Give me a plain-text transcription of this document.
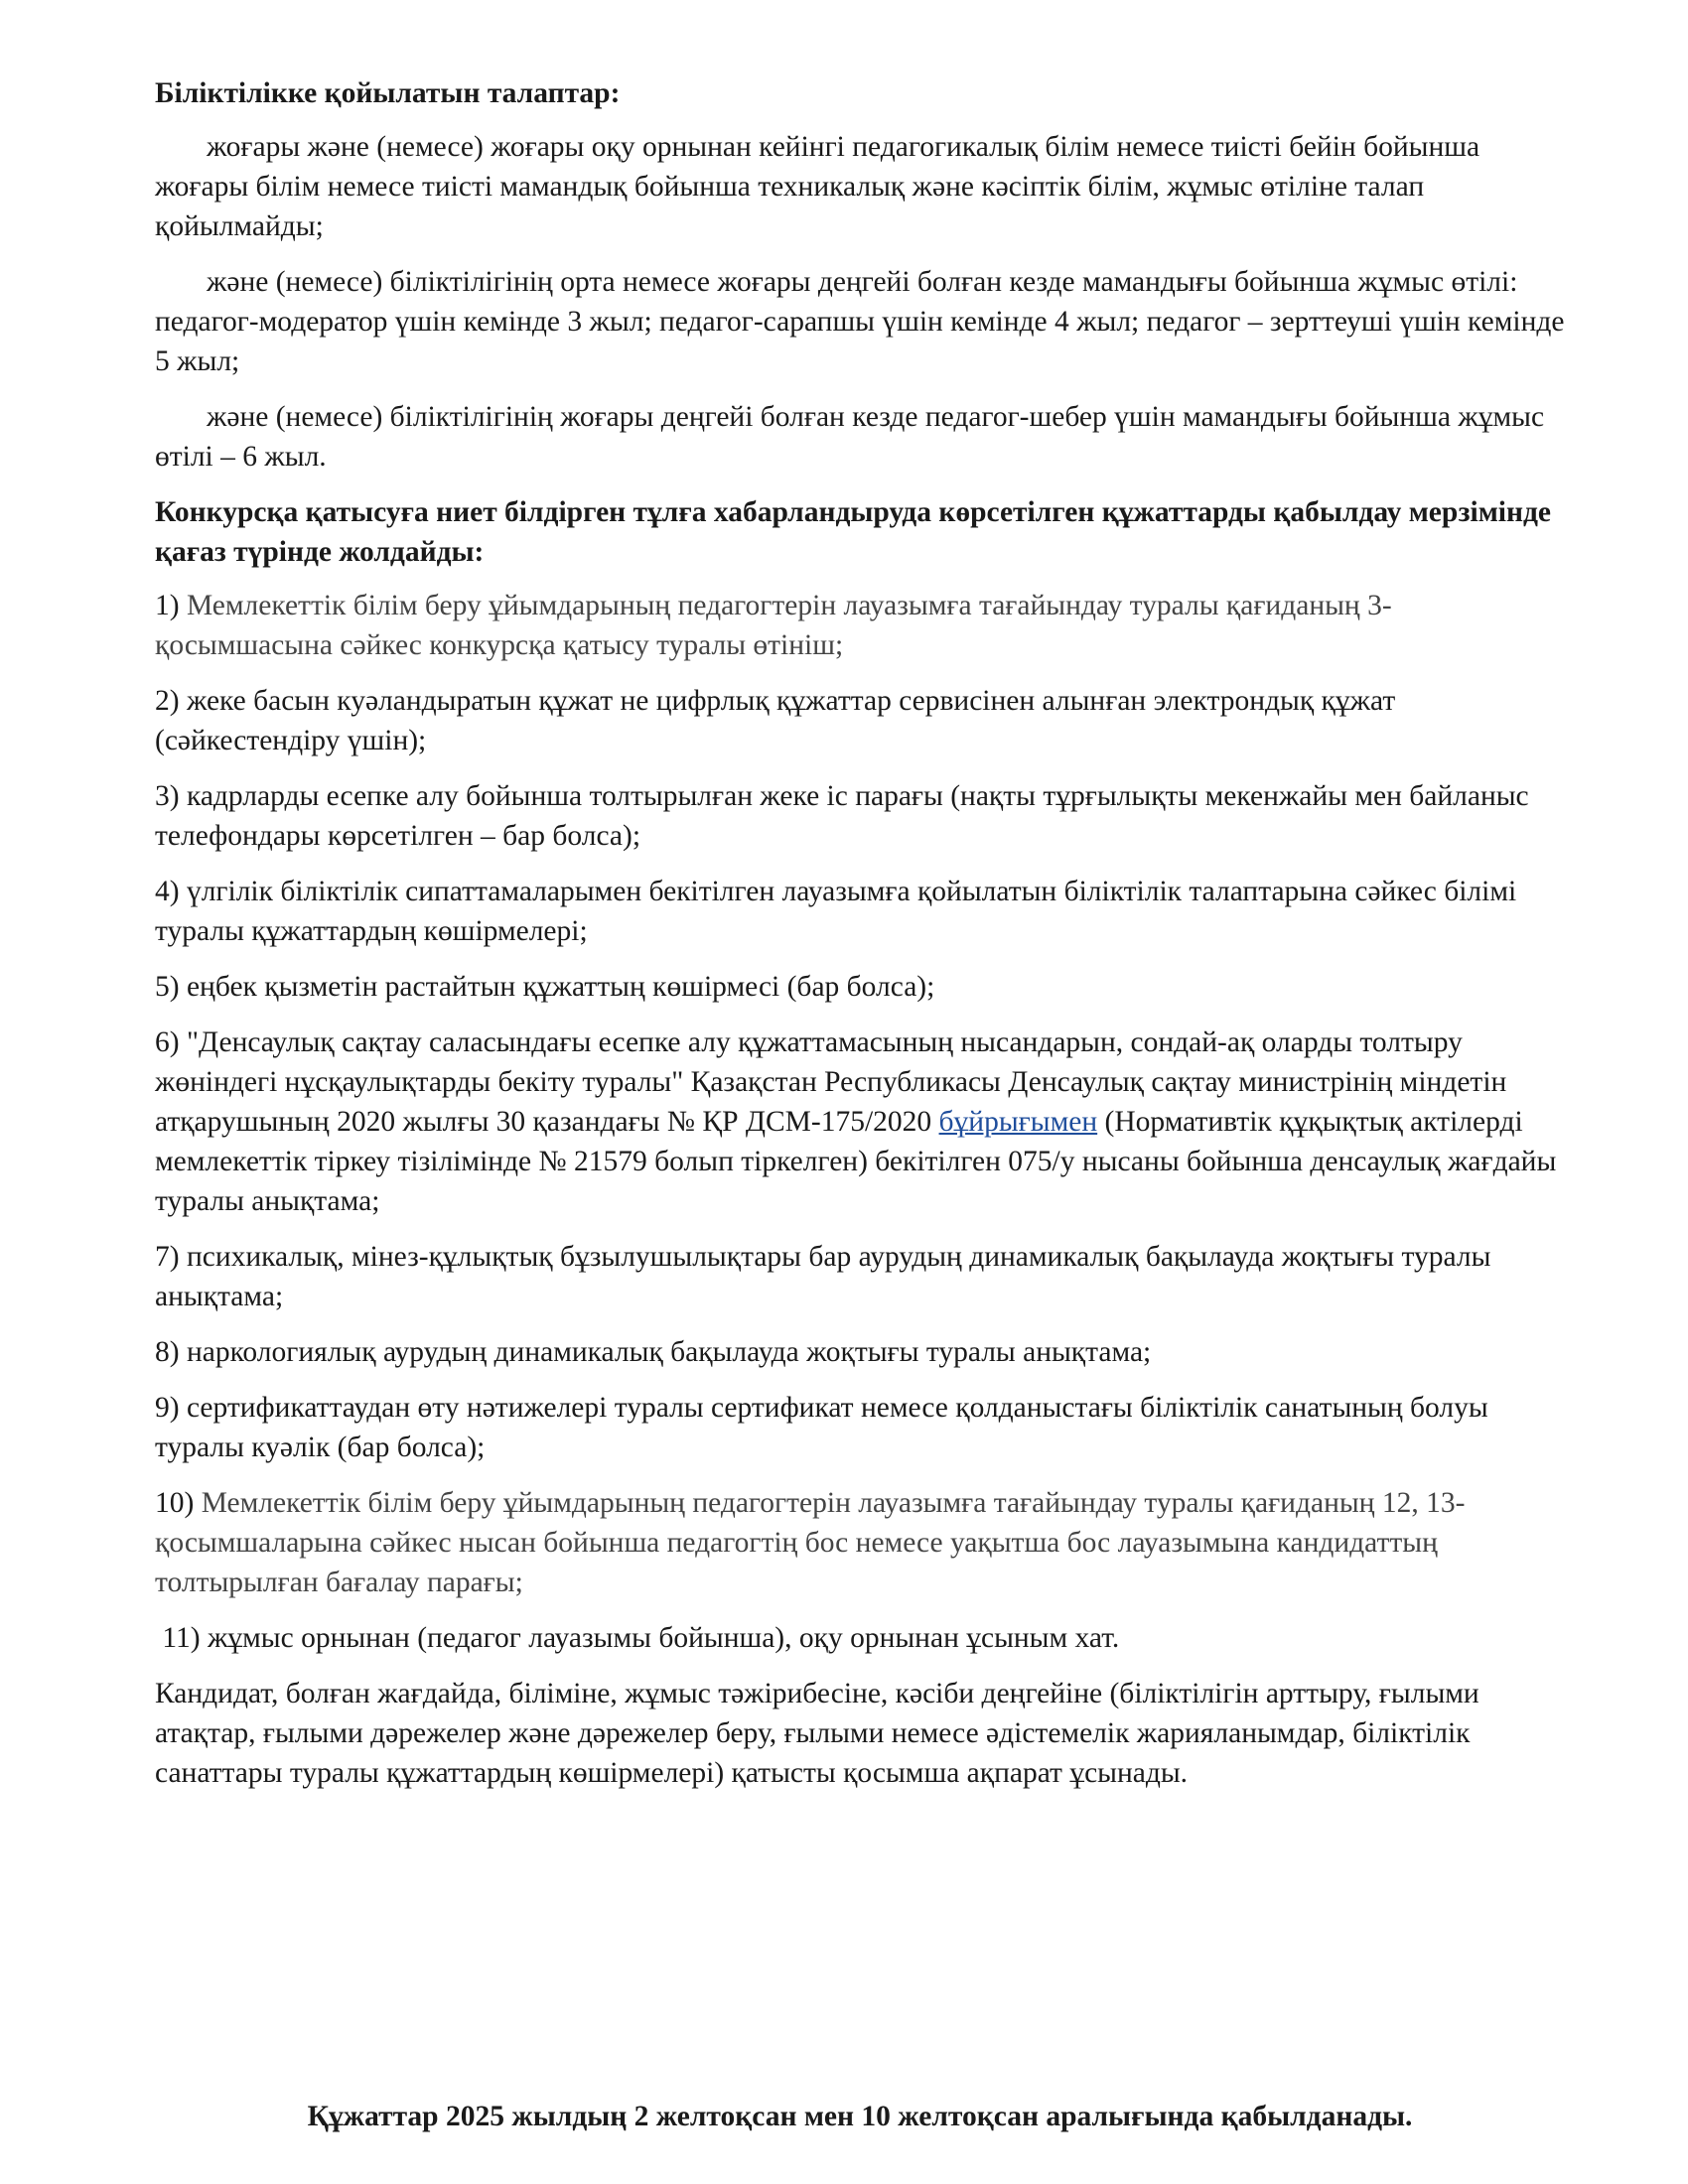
Біліктілікке қойылатын талаптар:

жоғары және (немесе) жоғары оқу орнынан кейінгі педагогикалық білім немесе тиісті бейін бойынша жоғары білім немесе тиісті мамандық бойынша техникалық және кәсіптік білім, жұмыс өтіліне талап қойылмайды;

және (немесе) біліктілігінің орта немесе жоғары деңгейі болған кезде мамандығы бойынша жұмыс өтілі: педагог-модератор үшін кемінде 3 жыл; педагог-сарапшы үшін кемінде 4 жыл; педагог – зерттеуші үшін кемінде 5 жыл;

және (немесе) біліктілігінің жоғары деңгейі болған кезде педагог-шебер үшін мамандығы бойынша жұмыс өтілі – 6 жыл.

Конкурсқа қатысуға ниет білдірген тұлға хабарландыруда көрсетілген құжаттарды қабылдау мерзімінде қағаз түрінде жолдайды:

1) Мемлекеттік білім беру ұйымдарының педагогтерін лауазымға тағайындау туралы қағиданың 3-қосымшасына сәйкес конкурсқа қатысу туралы өтініш;

2) жеке басын куәландыратын құжат не цифрлық құжаттар сервисінен алынған электрондық құжат (сәйкестендіру үшін);

3) кадрларды есепке алу бойынша толтырылған жеке іс парағы (нақты тұрғылықты мекенжайы мен байланыс телефондары көрсетілген – бар болса);

4) үлгілік біліктілік сипаттамаларымен бекітілген лауазымға қойылатын біліктілік талаптарына сәйкес білімі туралы құжаттардың көшірмелері;

5) еңбек қызметін растайтын құжаттың көшірмесі (бар болса);

6) "Денсаулық сақтау саласындағы есепке алу құжаттамасының нысандарын, сондай-ақ оларды толтыру жөніндегі нұсқаулықтарды бекіту туралы" Қазақстан Республикасы Денсаулық сақтау министрінің міндетін атқарушының 2020 жылғы 30 қазандағы № ҚР ДСМ-175/2020 бұйрығымен (Нормативтік құқықтық актілерді мемлекеттік тіркеу тізілімінде № 21579 болып тіркелген) бекітілген 075/у нысаны бойынша денсаулық жағдайы туралы анықтама;

7) психикалық, мінез-құлықтық бұзылушылықтары бар аурудың динамикалық бақылауда жоқтығы туралы анықтама;

8) наркологиялық аурудың динамикалық бақылауда жоқтығы туралы анықтама;

9) сертификаттаудан өту нәтижелері туралы сертификат немесе қолданыстағы біліктілік санатының болуы туралы куәлік (бар болса);

10) Мемлекеттік білім беру ұйымдарының педагогтерін лауазымға тағайындау туралы қағиданың 12, 13-қосымшаларына сәйкес нысан бойынша педагогтің бос немесе уақытша бос лауазымына кандидаттың толтырылған бағалау парағы;

11) жұмыс орнынан (педагог лауазымы бойынша), оқу орнынан ұсыным хат.

Кандидат, болған жағдайда, біліміне, жұмыс тәжірибесіне, кәсіби деңгейіне (біліктілігін арттыру, ғылыми атақтар, ғылыми дәрежелер және дәрежелер беру, ғылыми немесе әдістемелік жарияланымдар, біліктілік санаттары туралы құжаттардың көшірмелері) қатысты қосымша ақпарат ұсынады.

Құжаттар 2025 жылдың 2 желтоқсан мен 10 желтоқсан аралығында қабылданады.
